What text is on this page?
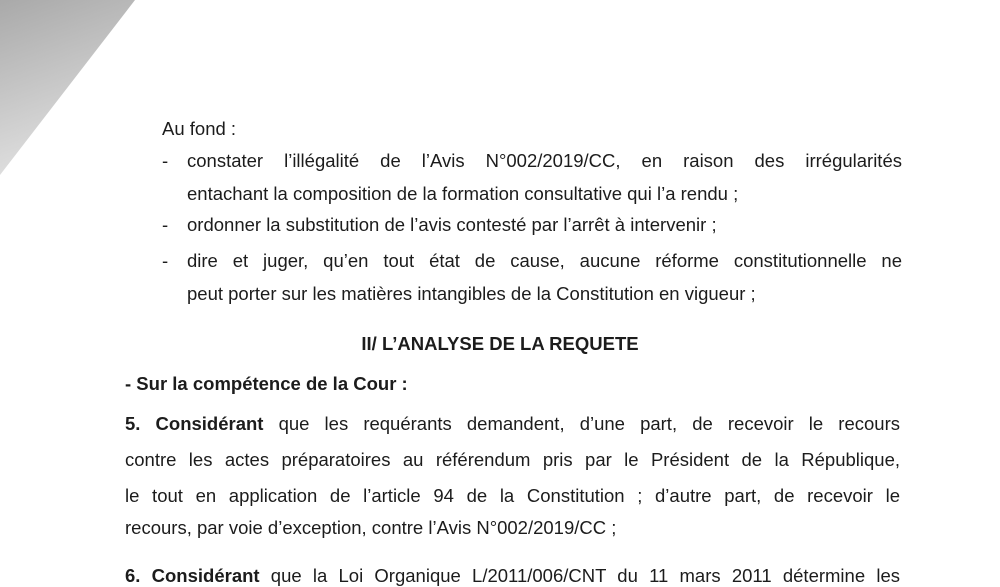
Au fond :
- constater l’illégalité de l’Avis N°002/2019/CC, en raison des irrégularités
entachant la composition de la formation consultative qui l’a rendu ;
- ordonner la substitution de l’avis contesté par l’arrêt à intervenir ;
- dire et juger, qu’en tout état de cause, aucune réforme constitutionnelle ne
peut porter sur les matières intangibles de la Constitution en vigueur ;
II/ L’ANALYSE DE LA REQUETE
- Sur la compétence de la Cour :
5. Considérant que les requérants demandent, d’une part, de recevoir le recours
contre les actes préparatoires au référendum pris par le Président de la République,
le tout en application de l’article 94 de la Constitution ; d’autre part, de recevoir le
recours, par voie d’exception, contre l’Avis N°002/2019/CC ;
6. Considérant que la Loi Organique L/2011/006/CNT du 11 mars 2011 détermine les
